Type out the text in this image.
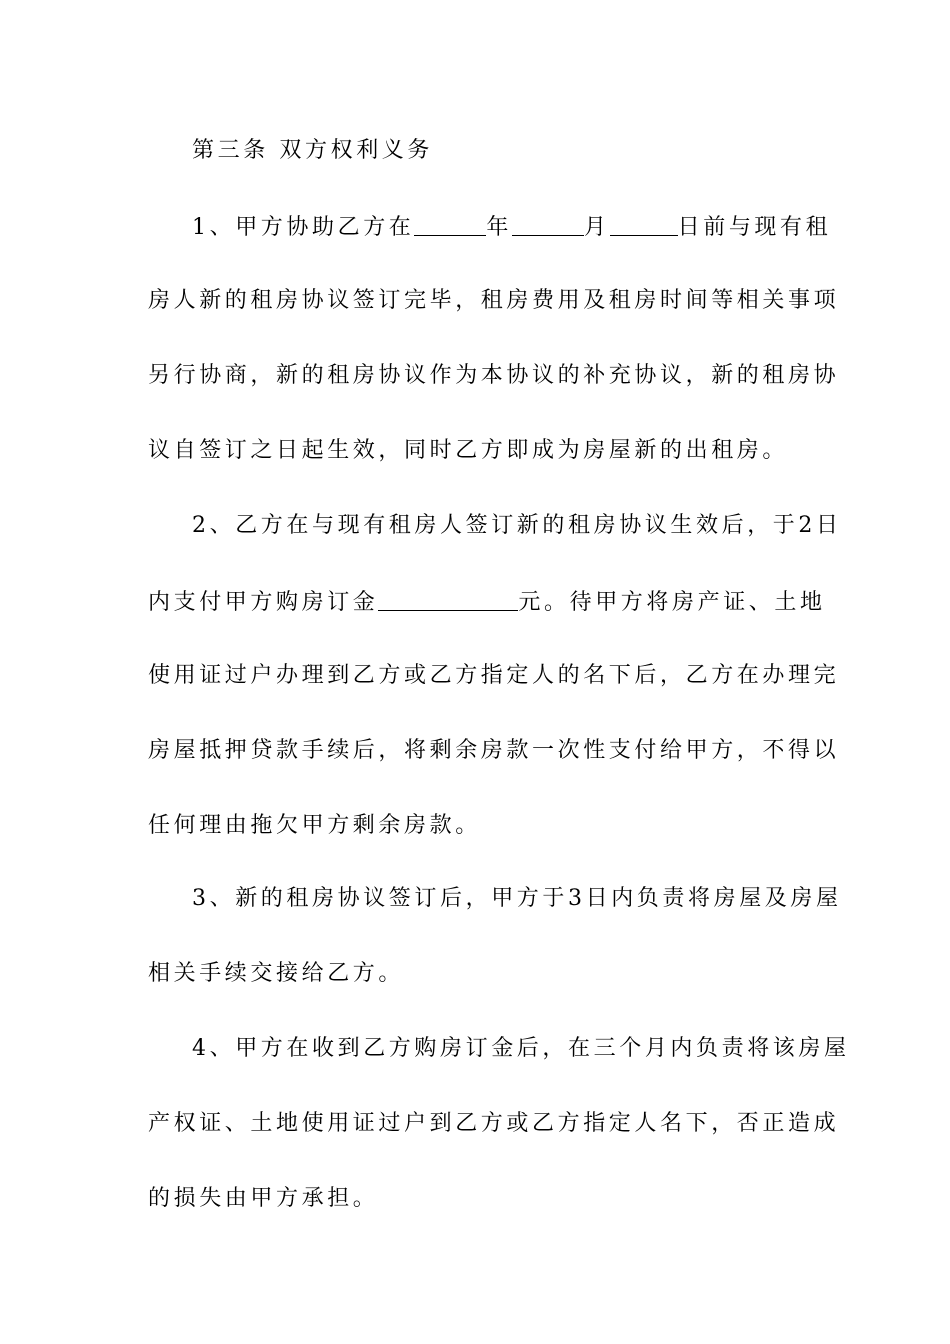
第三条 双方权利义务
1、甲方协助乙方在	年	月	日前与现有租
房人新的租房协议签订完毕，租房费用及租房时间等相关事项
另行协商，新的租房协议作为本协议的补充协议，新的租房协
议自签订之日起生效，同时乙方即成为房屋新的出租房。
2、乙方在与现有租房人签订新的租房协议生效后，于2日
内支付甲方购房订金	元。待甲方将房产证、土地
使用证过户办理到乙方或乙方指定人的名下后，乙方在办理完
房屋抵押贷款手续后，将剩余房款一次性支付给甲方，不得以
任何理由拖欠甲方剩余房款。
3、新的租房协议签订后，甲方于3日内负责将房屋及房屋
相关手续交接给乙方。
4、甲方在收到乙方购房订金后，在三个月内负责将该房屋
产权证、土地使用证过户到乙方或乙方指定人名下，否正造成
的损失由甲方承担。
